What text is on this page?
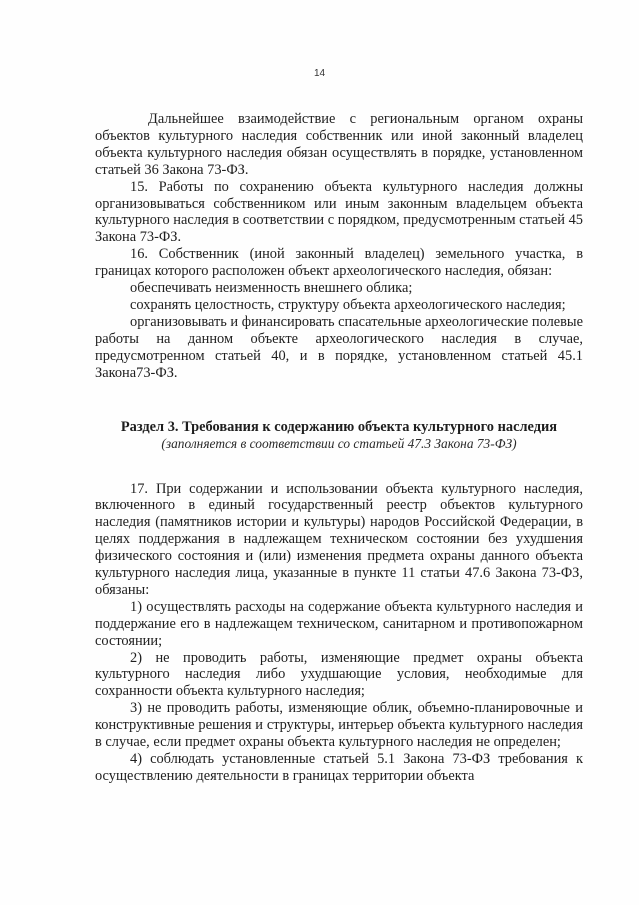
14

Дальнейшее взаимодействие с региональным органом охраны объектов культурного наследия собственник или иной законный владелец объекта культурного наследия обязан осуществлять в порядке, установленном статьей 36 Закона 73-ФЗ.

15. Работы по сохранению объекта культурного наследия должны организовываться собственником или иным законным владельцем объекта культурного наследия в соответствии с порядком, предусмотренным статьей 45 Закона 73-ФЗ.

16. Собственник (иной законный владелец) земельного участка, в границах которого расположен объект археологического наследия, обязан:

обеспечивать неизменность внешнего облика;

сохранять целостность, структуру объекта археологического наследия;

организовывать и финансировать спасательные археологические полевые работы на данном объекте археологического наследия в случае, предусмотренном статьей 40, и в порядке, установленном статьей 45.1 Закона73-ФЗ.

Раздел 3. Требования к содержанию объекта культурного наследия

(заполняется в соответствии со статьей 47.3 Закона 73-ФЗ)

17. При содержании и использовании объекта культурного наследия, включенного в единый государственный реестр объектов культурного наследия (памятников истории и культуры) народов Российской Федерации, в целях поддержания в надлежащем техническом состоянии без ухудшения физического состояния и (или) изменения предмета охраны данного объекта культурного наследия лица, указанные в пункте 11 статьи 47.6 Закона 73-ФЗ, обязаны:

1) осуществлять расходы на содержание объекта культурного наследия и поддержание его в надлежащем техническом, санитарном и противопожарном состоянии;

2) не проводить работы, изменяющие предмет охраны объекта культурного наследия либо ухудшающие условия, необходимые для сохранности объекта культурного наследия;

3) не проводить работы, изменяющие облик, объемно-планировочные и конструктивные решения и структуры, интерьер объекта культурного наследия в случае, если предмет охраны объекта культурного наследия не определен;

4) соблюдать установленные статьей 5.1 Закона 73-ФЗ требования к осуществлению деятельности в границах территории объекта
